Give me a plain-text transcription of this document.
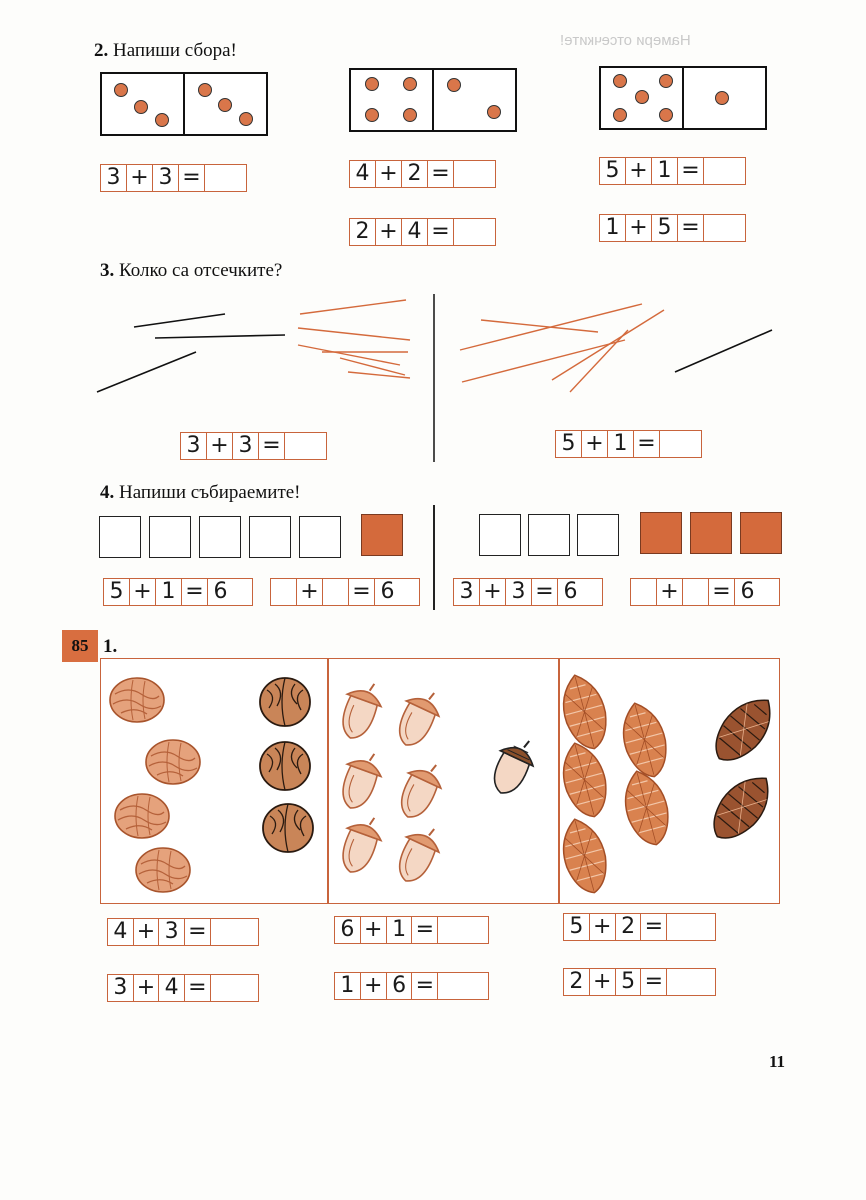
Намери отсечките!
2. Напиши сбора!
3 + 3 =	4 + 2 =
2 + 4 =
5 + 1 =
1 + 5 =
3. Колко са отсечките?
3 + 3 =	5 + 1 =
4. Напиши събираемите!
5 + 1 = 6	+ = 6	3 + 3 = 6	+ = 6
85 1.
4 + 3 =
3 + 4 =
6 + 1 =
1 + 6 =
5 + 2 =
2 + 5 =
11
